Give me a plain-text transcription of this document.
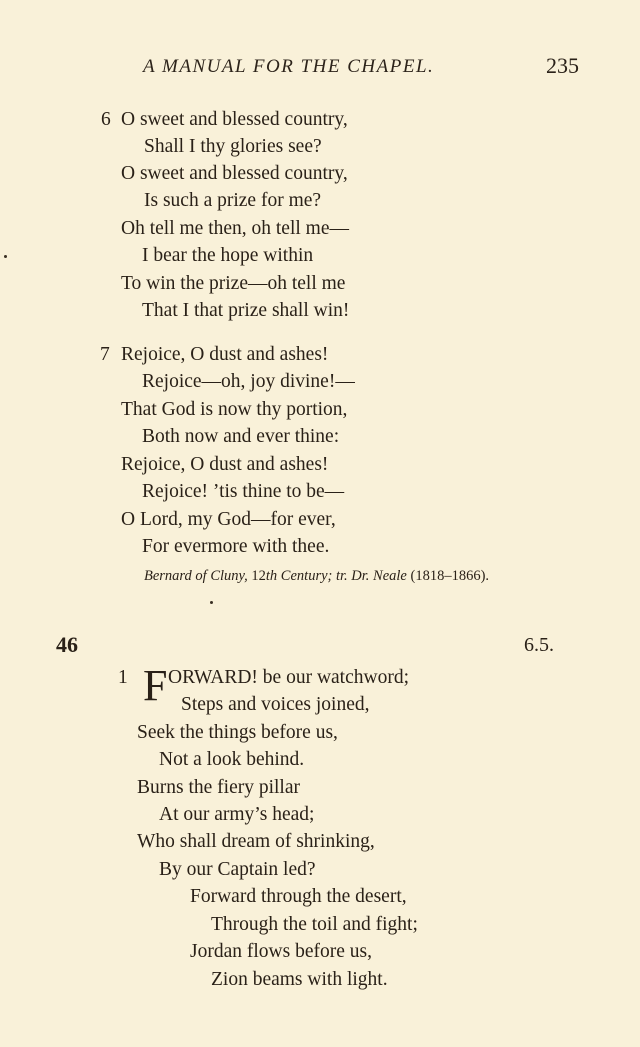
A MANUAL FOR THE CHAPEL.	235
6 O sweet and blessed country,
Shall I thy glories see?
O sweet and blessed country,
Is such a prize for me?
Oh tell me then, oh tell me—
I bear the hope within
To win the prize—oh tell me
That I that prize shall win!
7 Rejoice, O dust and ashes!
Rejoice—oh, joy divine!—
That God is now thy portion,
Both now and ever thine:
Rejoice, O dust and ashes!
Rejoice! ’tis thine to be—
O Lord, my God—for ever,
For evermore with thee.
Bernard of Cluny, 12th Century; tr. Dr. Neale (1818–1866).
46	6.5.
1 F ORWARD! be our watchword;
Steps and voices joined,
Seek the things before us,
Not a look behind.
Burns the fiery pillar
At our army’s head;
Who shall dream of shrinking,
By our Captain led?
Forward through the desert,
Through the toil and fight;
Jordan flows before us,
Zion beams with light.
